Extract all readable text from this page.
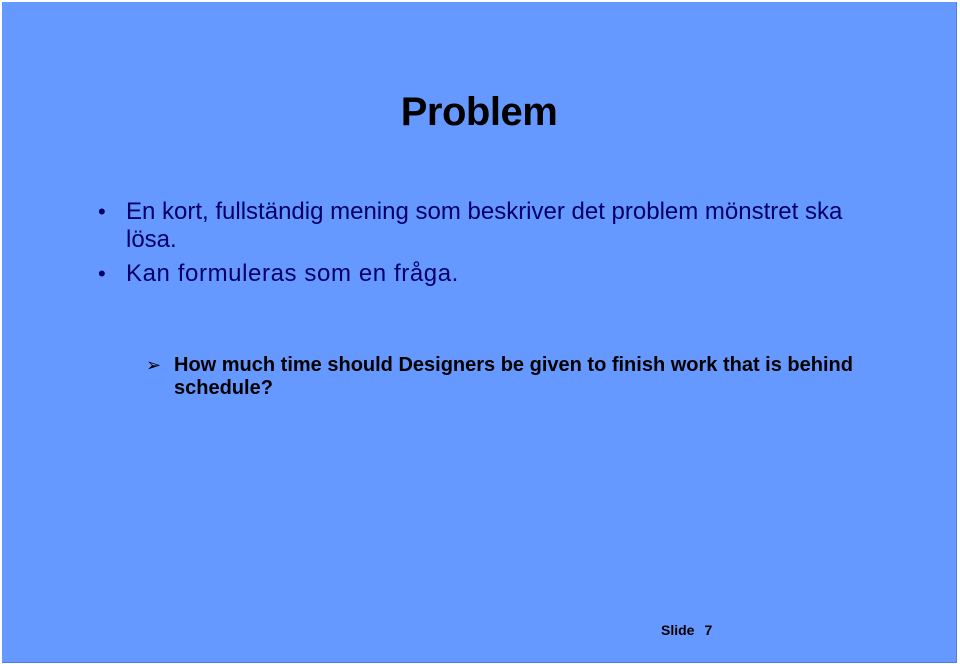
Problem
• En kort, fullständig mening som beskriver det problem mönstret ska lösa.
• Kan formuleras som en fråga.
➢ How much time should Designers be given to finish work that is behind schedule?
Slide 7
